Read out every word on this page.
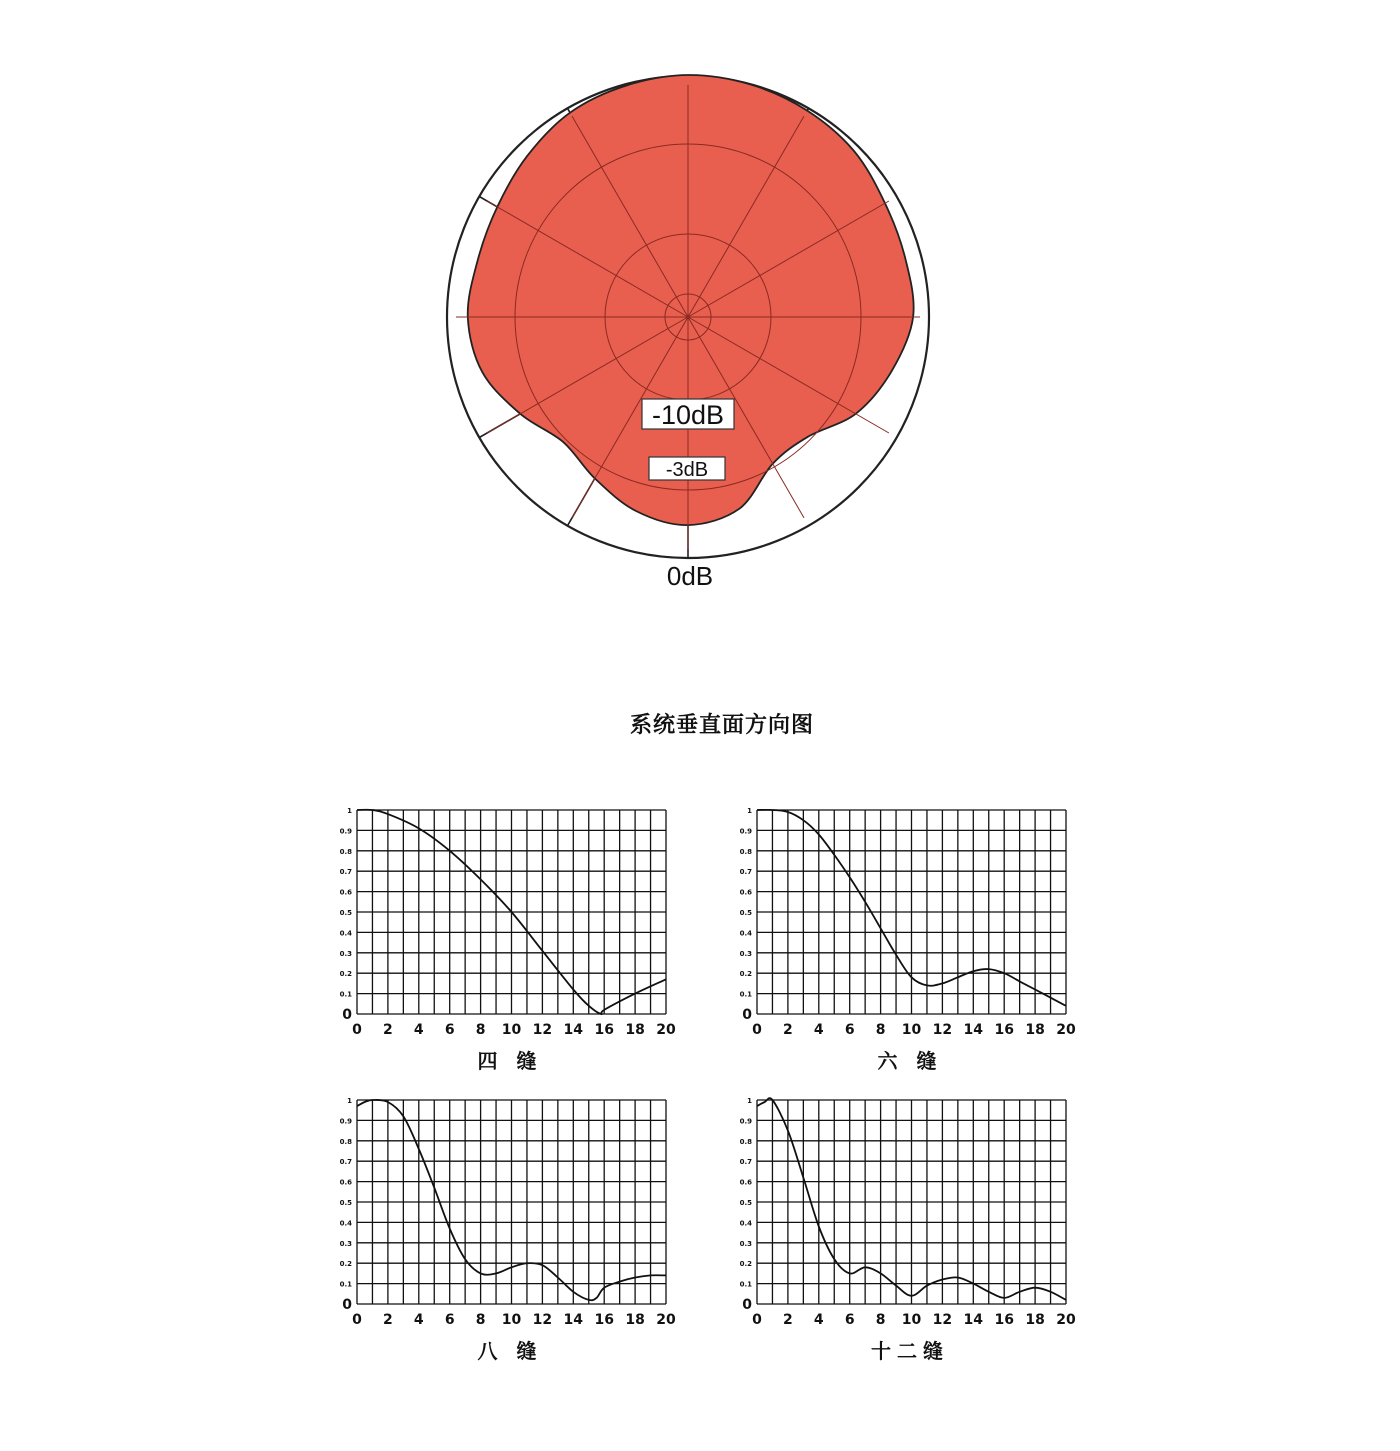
-10dB
-3dB
0dB
系统垂直面方向图
0 2 4 6 8 10 12 14 16 18 20
0
0.1
0.2
0.3
0.4
0.5
0.6
0.7
0.8
0.9
1
四 缝
0 2 4 6 8 10 12 14 16 18 20
0
0.1
0.2
0.3
0.4
0.5
0.6
0.7
0.8
0.9
1
六 缝
0 2 4 6 8 10 12 14 16 18 20
0
0.1
0.2
0.3
0.4
0.5
0.6
0.7
0.8
0.9
1
八 缝
0 2 4 6 8 10 12 14 16 18 20
0
0.1
0.2
0.3
0.4
0.5
0.6
0.7
0.8
0.9
1
十二缝
